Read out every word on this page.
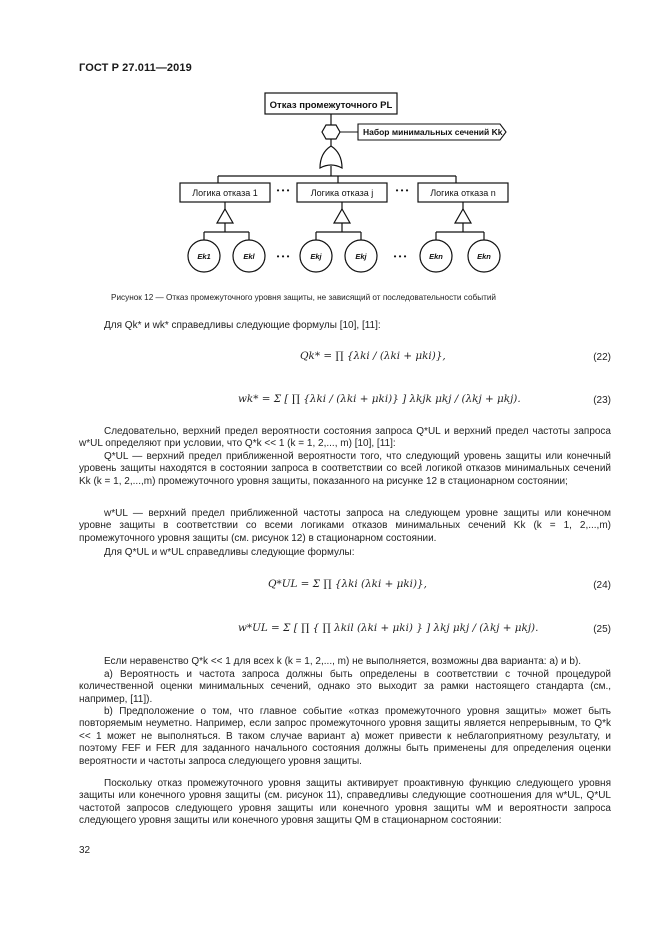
ГОСТ Р 27.011—2019
Отказ промежуточного PL
Набор минимальных сечений Kk
Логика отказа 1	Логика отказа j	Логика отказа n
• • •	• • •
Ek1	Ekl	• • •	Ekj	Ekj	• • •	Ekn	Ekn
Рисунок 12 — Отказ промежуточного уровня защиты, не зависящий от последовательности событий
Для Qk* и wk* справедливы следующие формулы [10], [11]:
Qk* = ∏ {λki / (λki + μki)},	(22)
wk* = Σ [ ∏ {λki / (λki + μki)} ] λkjk μkj / (λkj + μkj).	(23)
Следовательно, верхний предел вероятности состояния запроса Q*UL и верхний предел частоты запроса w*UL определяют при условии, что Q*k << 1 (k = 1, 2,..., m) [10], [11]:
Q*UL — верхний предел приближенной вероятности того, что следующий уровень защиты или конечный уровень защиты находятся в состоянии запроса в соответствии со всей логикой отказов минимальных сечений Kk (k = 1, 2,...,m) промежуточного уровня защиты, показанного на рисунке 12 в стационарном состоянии;
w*UL — верхний предел приближенной частоты запроса на следующем уровне защиты или конечном уровне защиты в соответствии со всеми логиками отказов минимальных сечений Kk (k = 1, 2,...,m) промежуточного уровня защиты (см. рисунок 12) в стационарном состоянии.
Для Q*UL и w*UL справедливы следующие формулы:
Q*UL = Σ ∏ {λki (λki + μki)},	(24)
w*UL = Σ [ ∏ { ∏ λkil (λki + μki) } ] λkj μkj / (λkj + μkj).	(25)
Если неравенство Q*k << 1 для всех k (k = 1, 2,..., m) не выполняется, возможны два варианта: a) и b).
a) Вероятность и частота запроса должны быть определены в соответствии с точной процедурой количественной оценки минимальных сечений, однако это выходит за рамки настоящего стандарта (см., например, [11]).
b) Предположение о том, что главное событие «отказ промежуточного уровня защиты» может быть повторяемым неуметно. Например, если запрос промежуточного уровня защиты является непрерывным, то Q*k << 1 может не выполняться. В таком случае вариант a) может привести к неблагоприятному результату, и поэтому FEF и FER для заданного начального состояния должны быть применены для определения оценки вероятности и частоты запроса следующего уровня защиты.
Поскольку отказ промежуточного уровня защиты активирует проактивную функцию следующего уровня защиты или конечного уровня защиты (см. рисунок 11), справедливы следующие соотношения для w*UL, Q*UL частотой запросов следующего уровня защиты или конечного уровня защиты wM и вероятности запроса следующего уровня защиты или конечного уровня защиты QM в стационарном состоянии:
32
